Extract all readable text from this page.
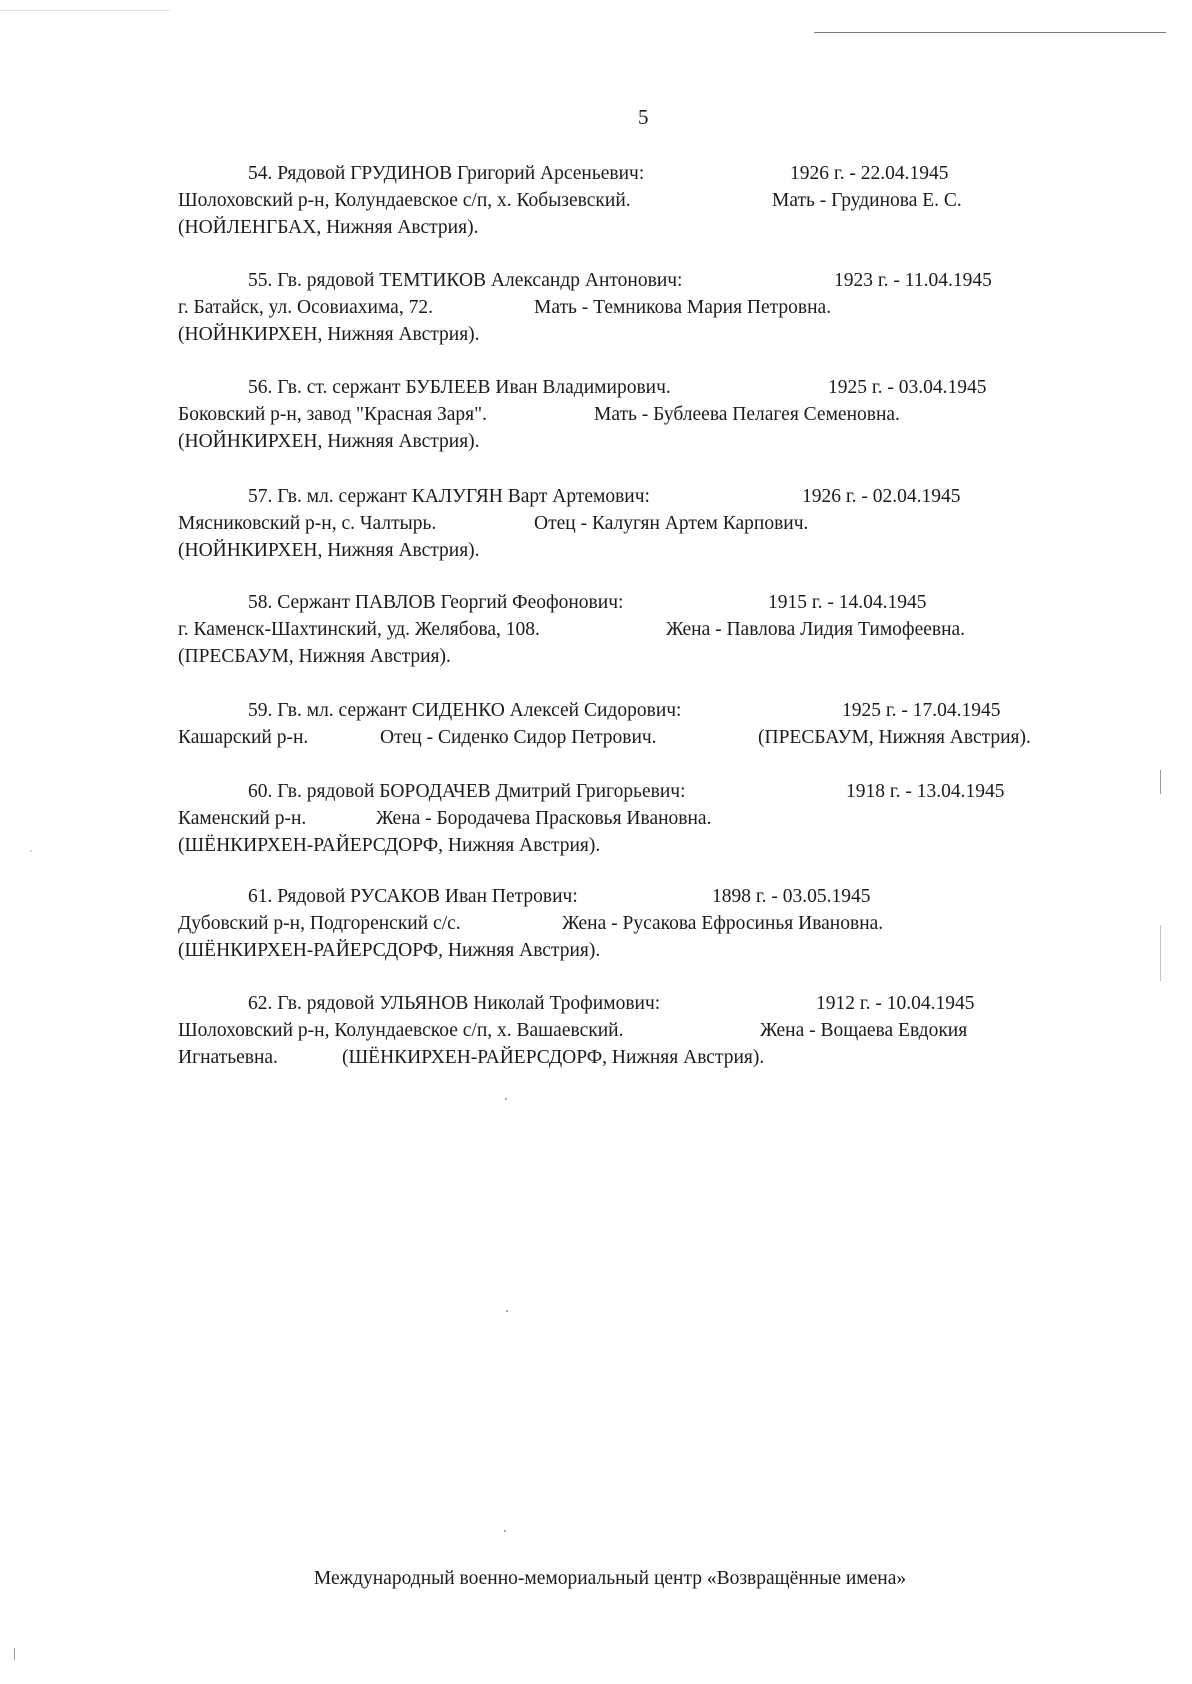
5
54. Рядовой ГРУДИНОВ Григорий Арсеньевич:	1926 г. - 22.04.1945
Шолоховский р-н, Колундаевское с/п, х. Кобызевский.	Мать - Грудинова Е. С.
(НОЙЛЕНГБАХ, Нижняя Австрия).
55. Гв. рядовой ТЕМТИКОВ Александр Антонович:	1923 г. - 11.04.1945
г. Батайск, ул. Осовиахима, 72.	Мать - Темникова Мария Петровна.
(НОЙНКИРХЕН, Нижняя Австрия).
56. Гв. ст. сержант БУБЛЕЕВ Иван Владимирович.	1925 г. - 03.04.1945
Боковский р-н, завод "Красная Заря".	Мать - Бублеева Пелагея Семеновна.
(НОЙНКИРХЕН, Нижняя Австрия).
57. Гв. мл. сержант КАЛУГЯН Варт Артемович:	1926 г. - 02.04.1945
Мясниковский р-н, с. Чалтырь.	Отец - Калугян Артем Карпович.
(НОЙНКИРХЕН, Нижняя Австрия).
58. Сержант ПАВЛОВ Георгий Феофонович:	1915 г. - 14.04.1945
г. Каменск-Шахтинский, уд. Желябова, 108.	Жена - Павлова Лидия Тимофеевна.
(ПРЕСБАУМ, Нижняя Австрия).
59. Гв. мл. сержант СИДЕНКО Алексей Сидорович:	1925 г. - 17.04.1945
Кашарский р-н.	Отец - Сиденко Сидор Петрович.	(ПРЕСБАУМ, Нижняя Австрия).
60. Гв. рядовой БОРОДАЧЕВ Дмитрий Григорьевич:	1918 г. - 13.04.1945
Каменский р-н.	Жена - Бородачева Прасковья Ивановна.
(ШЁНКИРХЕН-РАЙЕРСДОРФ, Нижняя Австрия).
61. Рядовой РУСАКОВ Иван Петрович:	1898 г. - 03.05.1945
Дубовский р-н, Подгоренский с/с.	Жена - Русакова Ефросинья Ивановна.
(ШЁНКИРХЕН-РАЙЕРСДОРФ, Нижняя Австрия).
62. Гв. рядовой УЛЬЯНОВ Николай Трофимович:	1912 г. - 10.04.1945
Шолоховский р-н, Колундаевское с/п, х. Вашаевский.	Жена - Вощаева Евдокия
Игнатьевна.	(ШЁНКИРХЕН-РАЙЕРСДОРФ, Нижняя Австрия).
Международный военно-мемориальный центр «Возвращённые имена»
